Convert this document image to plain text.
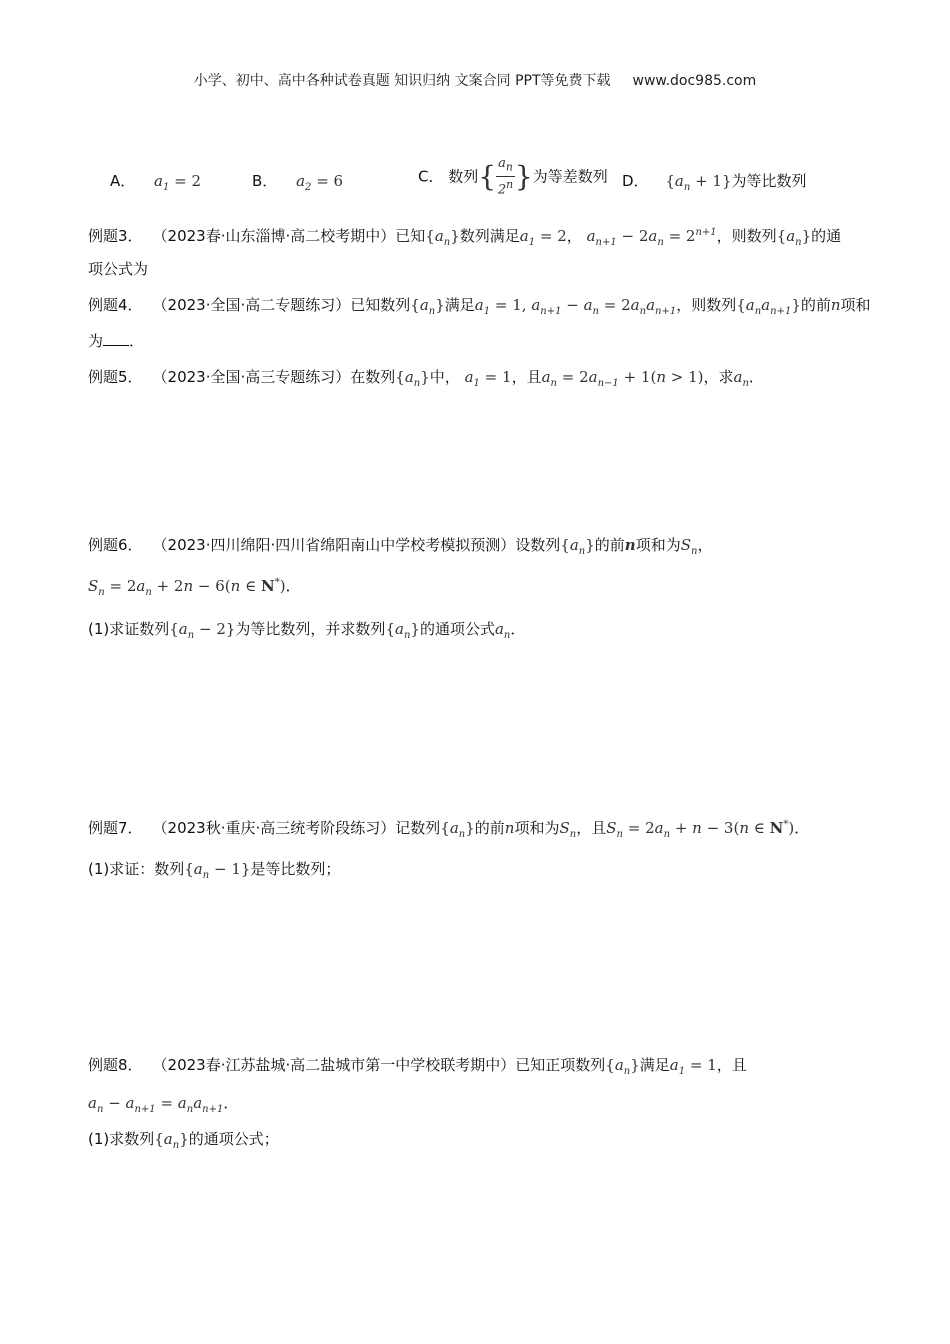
小学、初中、高中各种试卷真题 知识归纳 文案合同 PPT等免费下载 www.doc985.com
A． $a_1 = 2$	B． $a_2 = 6$	C． 数列{ $\frac{a_n}{2^n}$ }为等差数列 D． $\{a_n + 1\}$为等比数列
例题3． （2023春·山东淄博·高二校考期中）已知$\{a_n\}$数列满足$a_1 = 2$， $a_{n+1} - 2a_n = 2^{n+1}$，则数列$\{a_n\}$的通
项公式为
例题4． （2023·全国·高二专题练习）已知数列$\{a_n\}$满足$a_1 = 1$, $a_{n+1} - a_n = 2a_na_{n+1}$，则数列$\{a_na_{n+1}\}$的前n项和
为 ．
例题5． （2023·全国·高三专题练习）在数列$\{a_n\}$中， $a_1 = 1$，且$a_n = 2a_{n-1} + 1(n > 1)$，求$a_n$．
例题6． （2023·四川绵阳·四川省绵阳南山中学校考模拟预测）设数列$\{a_n\}$的前n项和为$S_n$，
$S_n = 2a_n + 2n - 6(n$ ∈ N*)．
(1)求证数列$\{a_n - 2\}$为等比数列，并求数列$\{a_n\}$的通项公式$a_n$．
例题7． （2023秋·重庆·高三统考阶段练习）记数列$\{a_n\}$的前n项和为$S_n$，且$S_n = 2a_n + n - 3(n$ ∈ N*)．
(1)求证：数列$\{a_n - 1\}$是等比数列；
例题8． （2023春·江苏盐城·高二盐城市第一中学校联考期中）已知正项数列$\{a_n\}$满足$a_1 = 1$，且
$a_n - a_{n+1} = a_na_{n+1}$．
(1)求数列$\{a_n\}$的通项公式；
